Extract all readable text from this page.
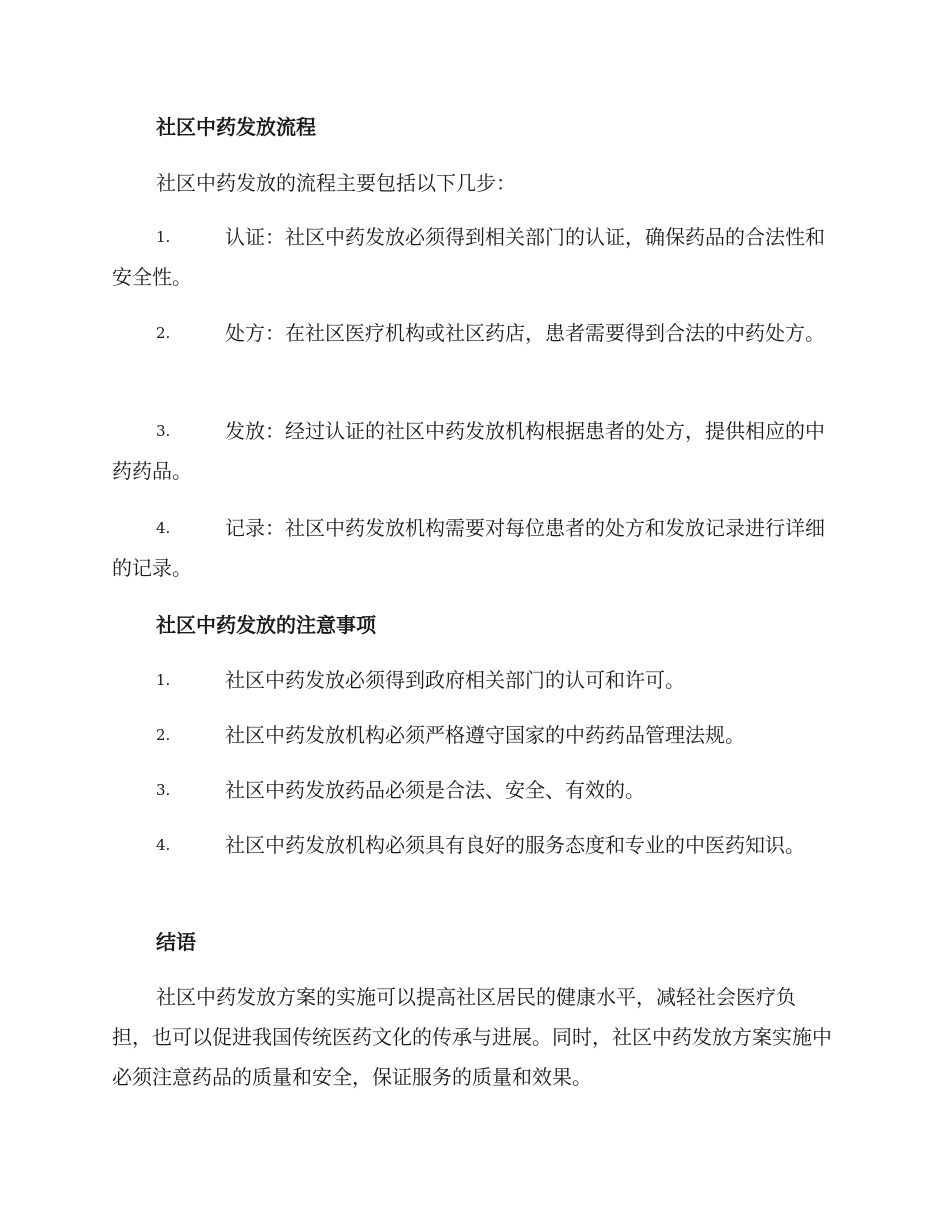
社区中药发放流程

社区中药发放的流程主要包括以下几步：

1.	认证：社区中药发放必须得到相关部门的认证，确保药品的合法性和安全性。
2.	处方：在社区医疗机构或社区药店，患者需要得到合法的中药处方。
3.	发放：经过认证的社区中药发放机构根据患者的处方，提供相应的中药药品。
4.	记录：社区中药发放机构需要对每位患者的处方和发放记录进行详细的记录。
社区中药发放的注意事项
1.	社区中药发放必须得到政府相关部门的认可和许可。
2.	社区中药发放机构必须严格遵守国家的中药药品管理法规。
3.	社区中药发放药品必须是合法、安全、有效的。
4.	社区中药发放机构必须具有良好的服务态度和专业的中医药知识。
结语

社区中药发放方案的实施可以提高社区居民的健康水平，减轻社会医疗负担，也可以促进我国传统医药文化的传承与进展。同时，社区中药发放方案实施中必须注意药品的质量和安全，保证服务的质量和效果。
